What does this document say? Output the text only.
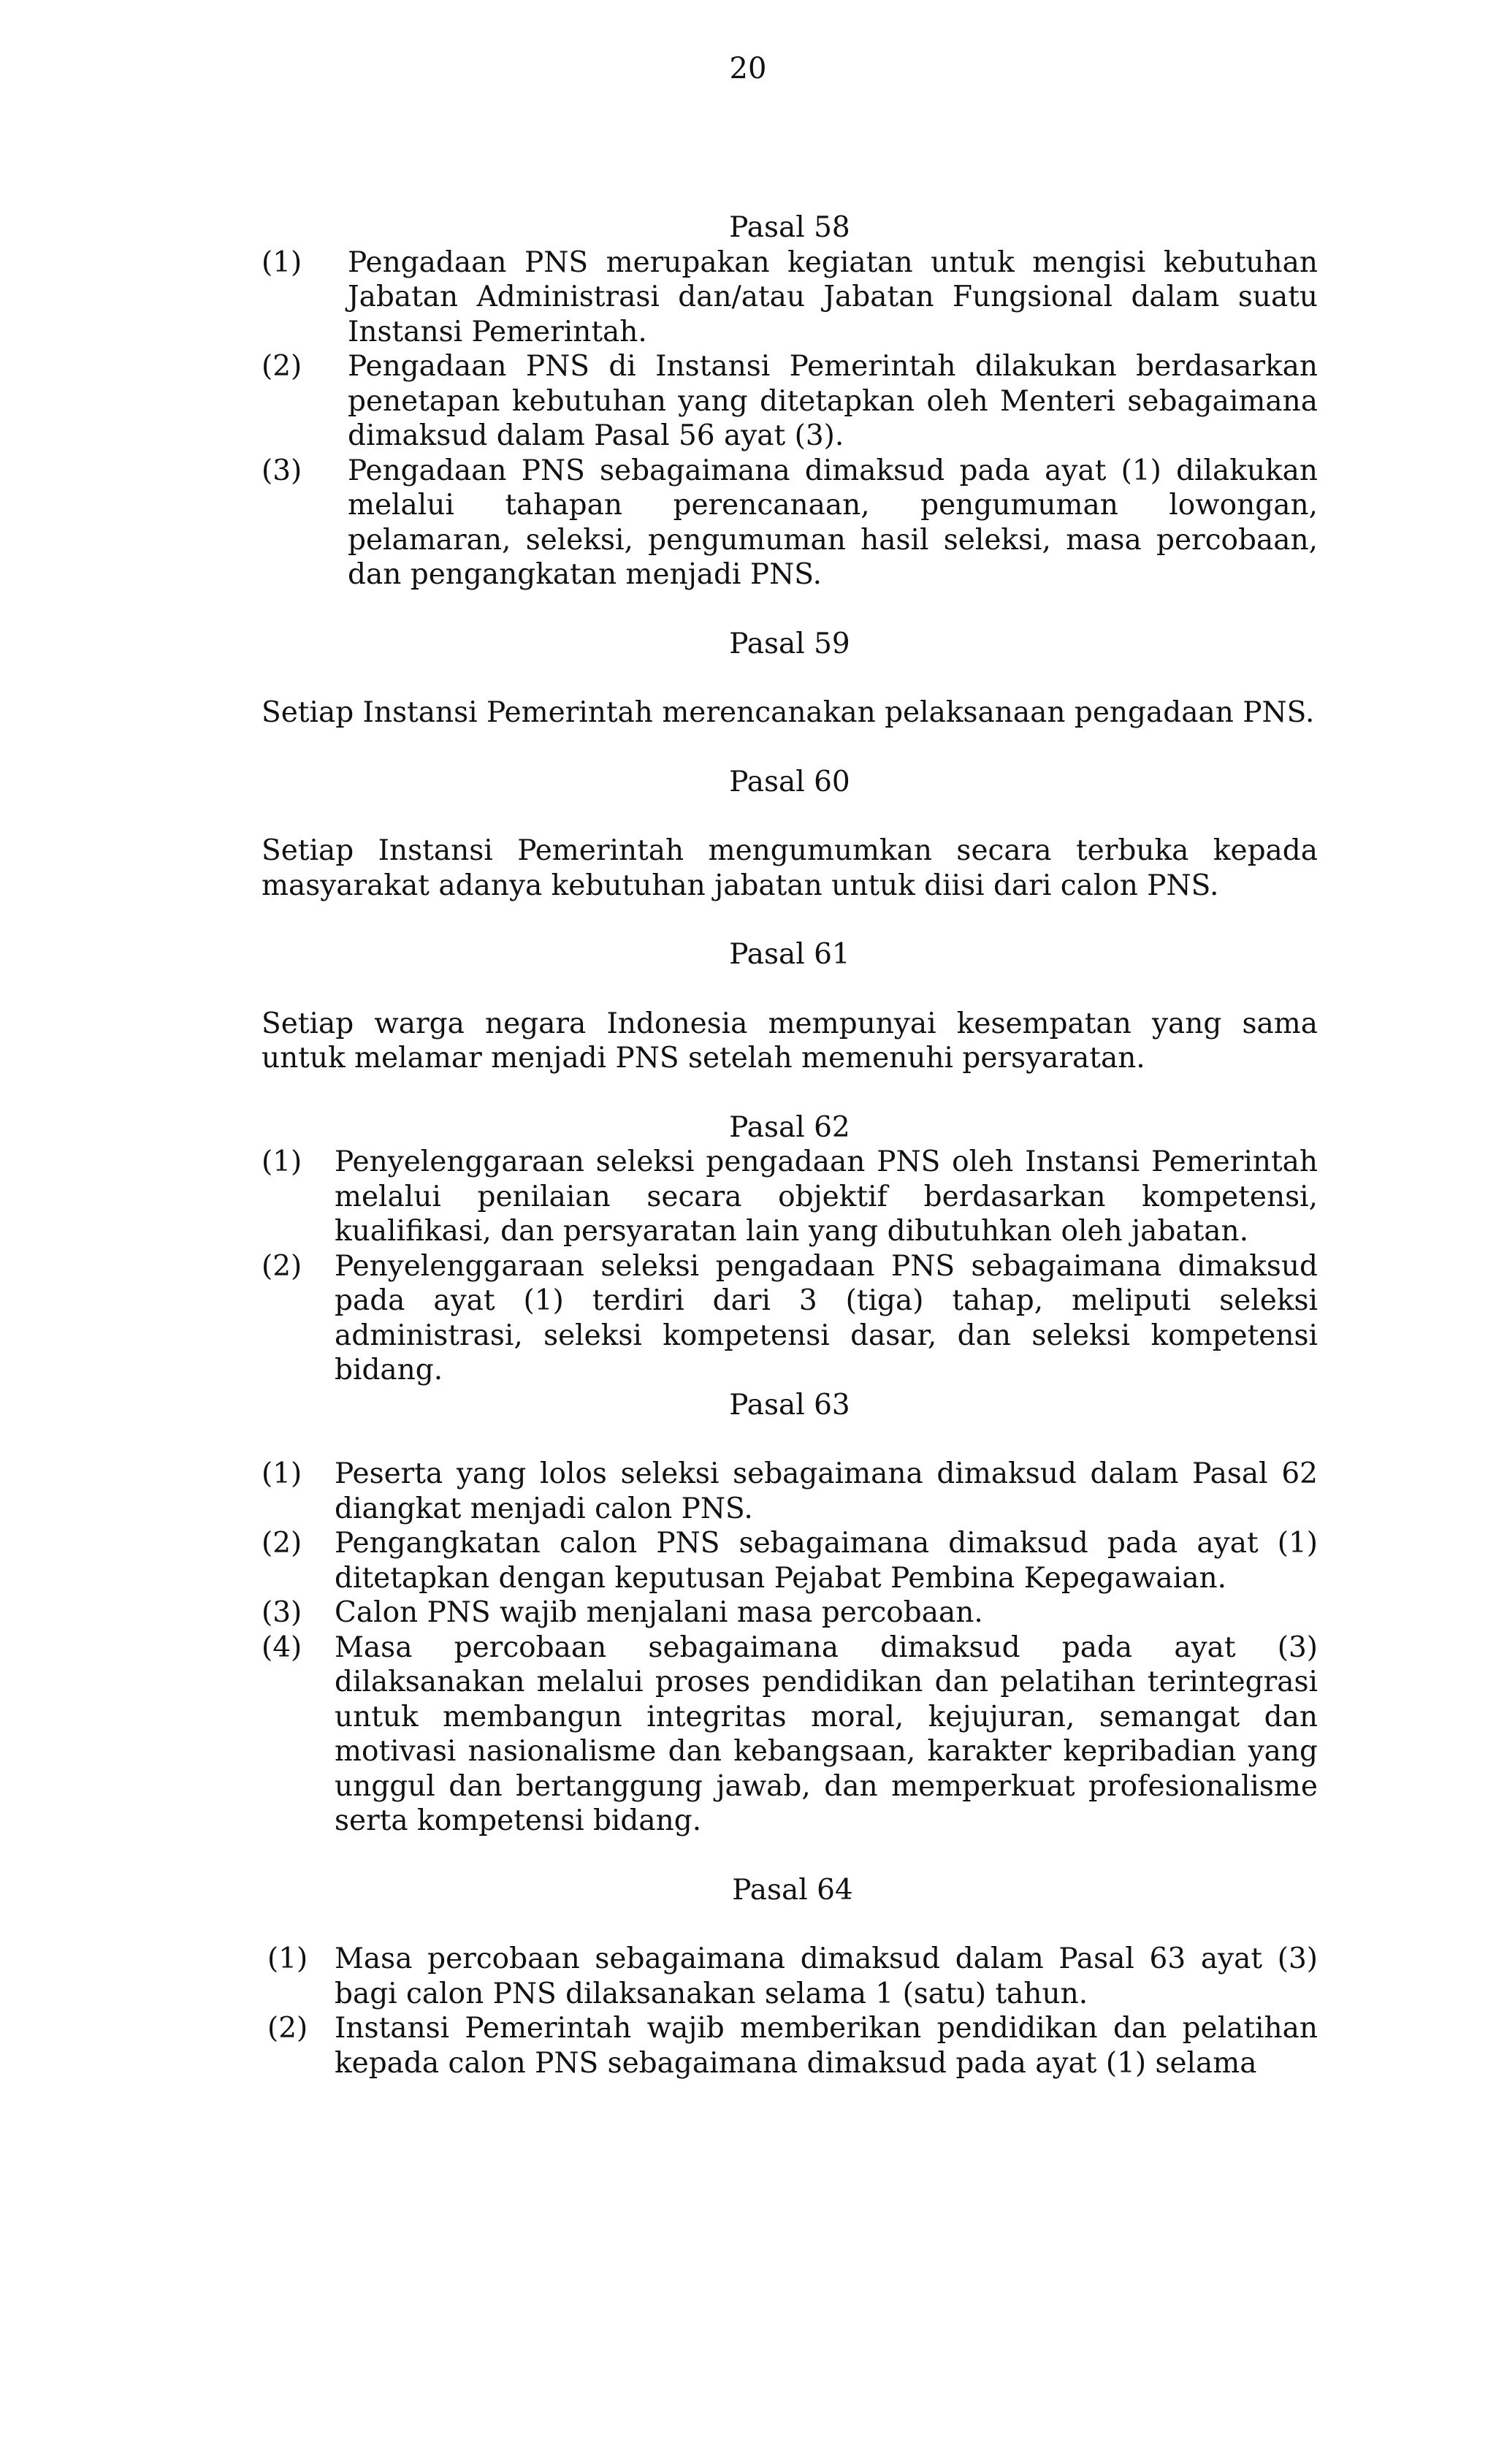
20

Pasal 58

(1)	Pengadaan PNS merupakan kegiatan untuk mengisi kebutuhan Jabatan Administrasi dan/atau Jabatan Fungsional dalam suatu Instansi Pemerintah.
(2)	Pengadaan PNS di Instansi Pemerintah dilakukan berdasarkan penetapan kebutuhan yang ditetapkan oleh Menteri sebagaimana dimaksud dalam Pasal 56 ayat (3).
(3)	Pengadaan PNS sebagaimana dimaksud pada ayat (1) dilakukan melalui tahapan perencanaan, pengumuman lowongan, pelamaran, seleksi, pengumuman hasil seleksi, masa percobaan, dan pengangkatan menjadi PNS.

Pasal 59

Setiap Instansi Pemerintah merencanakan pelaksanaan pengadaan PNS.

Pasal 60

Setiap Instansi Pemerintah mengumumkan secara terbuka kepada masyarakat adanya kebutuhan jabatan untuk diisi dari calon PNS.

Pasal 61

Setiap warga negara Indonesia mempunyai kesempatan yang sama untuk melamar menjadi PNS setelah memenuhi persyaratan.

Pasal 62

(1)	Penyelenggaraan seleksi pengadaan PNS oleh Instansi Pemerintah melalui penilaian secara objektif berdasarkan kompetensi, kualifikasi, dan persyaratan lain yang dibutuhkan oleh jabatan.
(2)	Penyelenggaraan seleksi pengadaan PNS sebagaimana dimaksud pada ayat (1) terdiri dari 3 (tiga) tahap, meliputi seleksi administrasi, seleksi kompetensi dasar, dan seleksi kompetensi bidang.

Pasal 63

(1)	Peserta yang lolos seleksi sebagaimana dimaksud dalam Pasal 62 diangkat menjadi calon PNS.
(2)	Pengangkatan calon PNS sebagaimana dimaksud pada ayat (1) ditetapkan dengan keputusan Pejabat Pembina Kepegawaian.
(3)	Calon PNS wajib menjalani masa percobaan.
(4)	Masa percobaan sebagaimana dimaksud pada ayat (3) dilaksanakan melalui proses pendidikan dan pelatihan terintegrasi untuk membangun integritas moral, kejujuran, semangat dan motivasi nasionalisme dan kebangsaan, karakter kepribadian yang unggul dan bertanggung jawab, dan memperkuat profesionalisme serta kompetensi bidang.

Pasal 64

(1) Masa percobaan sebagaimana dimaksud dalam Pasal 63 ayat (3) bagi calon PNS dilaksanakan selama 1 (satu) tahun.
(2) Instansi Pemerintah wajib memberikan pendidikan dan pelatihan kepada calon PNS sebagaimana dimaksud pada ayat (1) selama
